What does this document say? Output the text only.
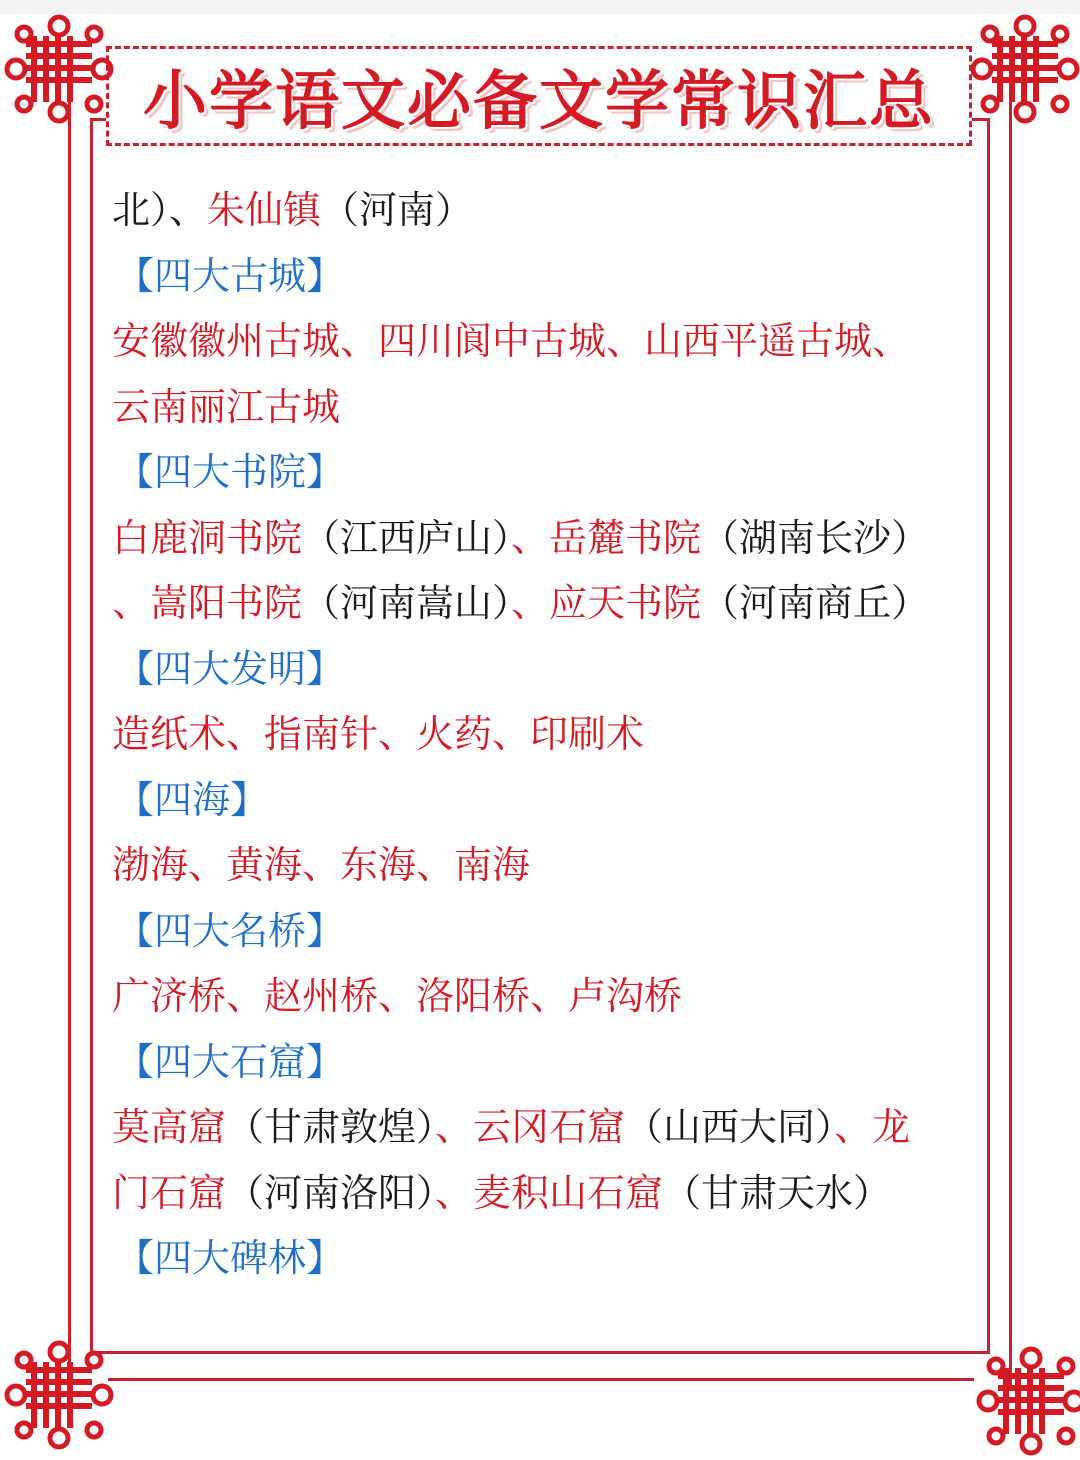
小学语文必备文学常识汇总
北）、朱仙镇（河南）
【四大古城】
安徽徽州古城、四川阆中古城、山西平遥古城、
云南丽江古城
【四大书院】
白鹿洞书院（江西庐山）、岳麓书院（湖南长沙）
、嵩阳书院（河南嵩山）、应天书院（河南商丘）
【四大发明】
造纸术、指南针、火药、印刷术
【四海】
渤海、黄海、东海、南海
【四大名桥】
广济桥、赵州桥、洛阳桥、卢沟桥
【四大石窟】
莫高窟（甘肃敦煌）、云冈石窟（山西大同）、龙
门石窟（河南洛阳）、麦积山石窟（甘肃天水）
【四大碑林】
